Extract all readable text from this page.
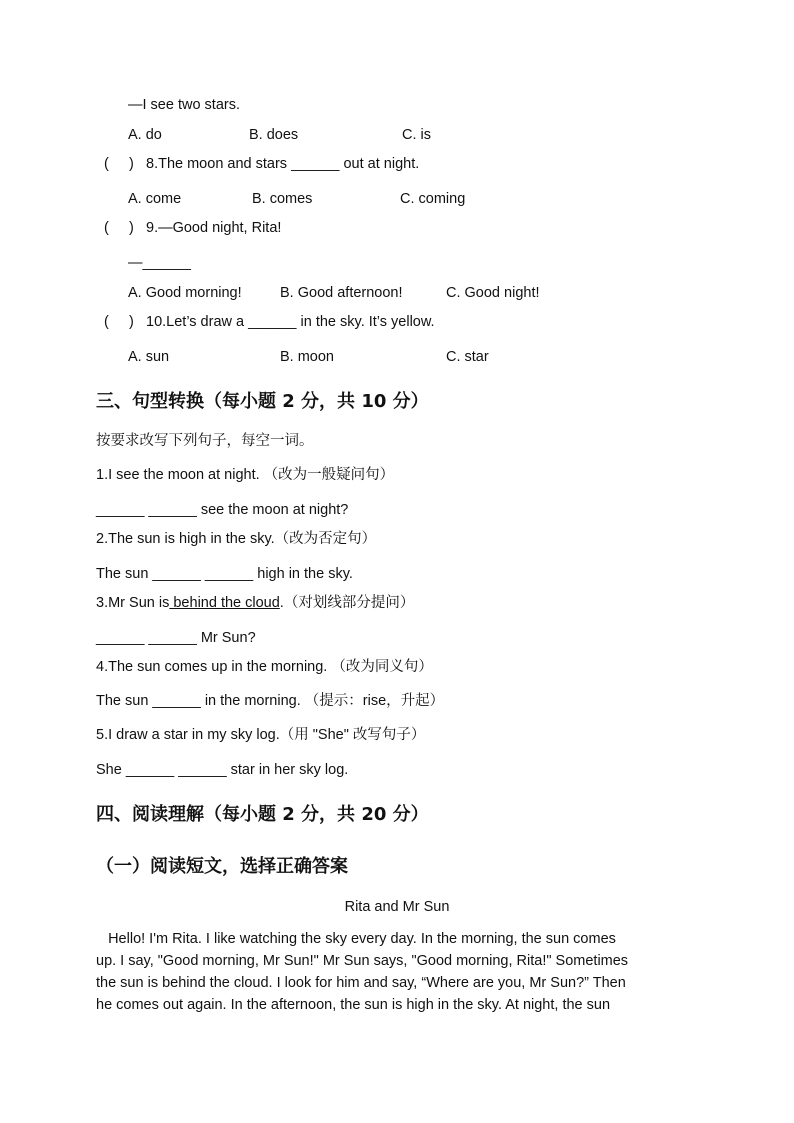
—I see two stars.
A. do	B. does	C. is
(     ) 8.The moon and stars ______ out at night.
A. come	B. comes	C. coming
(     ) 9.—Good night, Rita!
—______
A. Good morning!	B. Good afternoon!	C. Good night!
(     ) 10.Let’s draw a ______ in the sky. It’s yellow.
A. sun	B. moon	C. star
三、句型转换（每小题 2 分，共 10 分）
按要求改写下列句子，每空一词。
1.I see the moon at night. （改为一般疑问句）
______ ______ see the moon at night?
2.The sun is high in the sky.（改为否定句）
The sun ______ ______ high in the sky.
3.Mr Sun is behind the cloud.（对划线部分提问）
______ ______ Mr Sun?
4.The sun comes up in the morning. （改为同义句）
The sun ______ in the morning. （提示：rise，升起）
5.I draw a star in my sky log.（用 "She" 改写句子）
She ______ ______ star in her sky log.
四、阅读理解（每小题 2 分，共 20 分）
（一）阅读短文，选择正确答案
Rita and Mr Sun
Hello! I'm Rita. I like watching the sky every day. In the morning, the sun comes
up. I say, "Good morning, Mr Sun!" Mr Sun says, "Good morning, Rita!" Sometimes
the sun is behind the cloud. I look for him and say, “Where are you, Mr Sun?” Then
he comes out again. In the afternoon, the sun is high in the sky. At night, the sun
